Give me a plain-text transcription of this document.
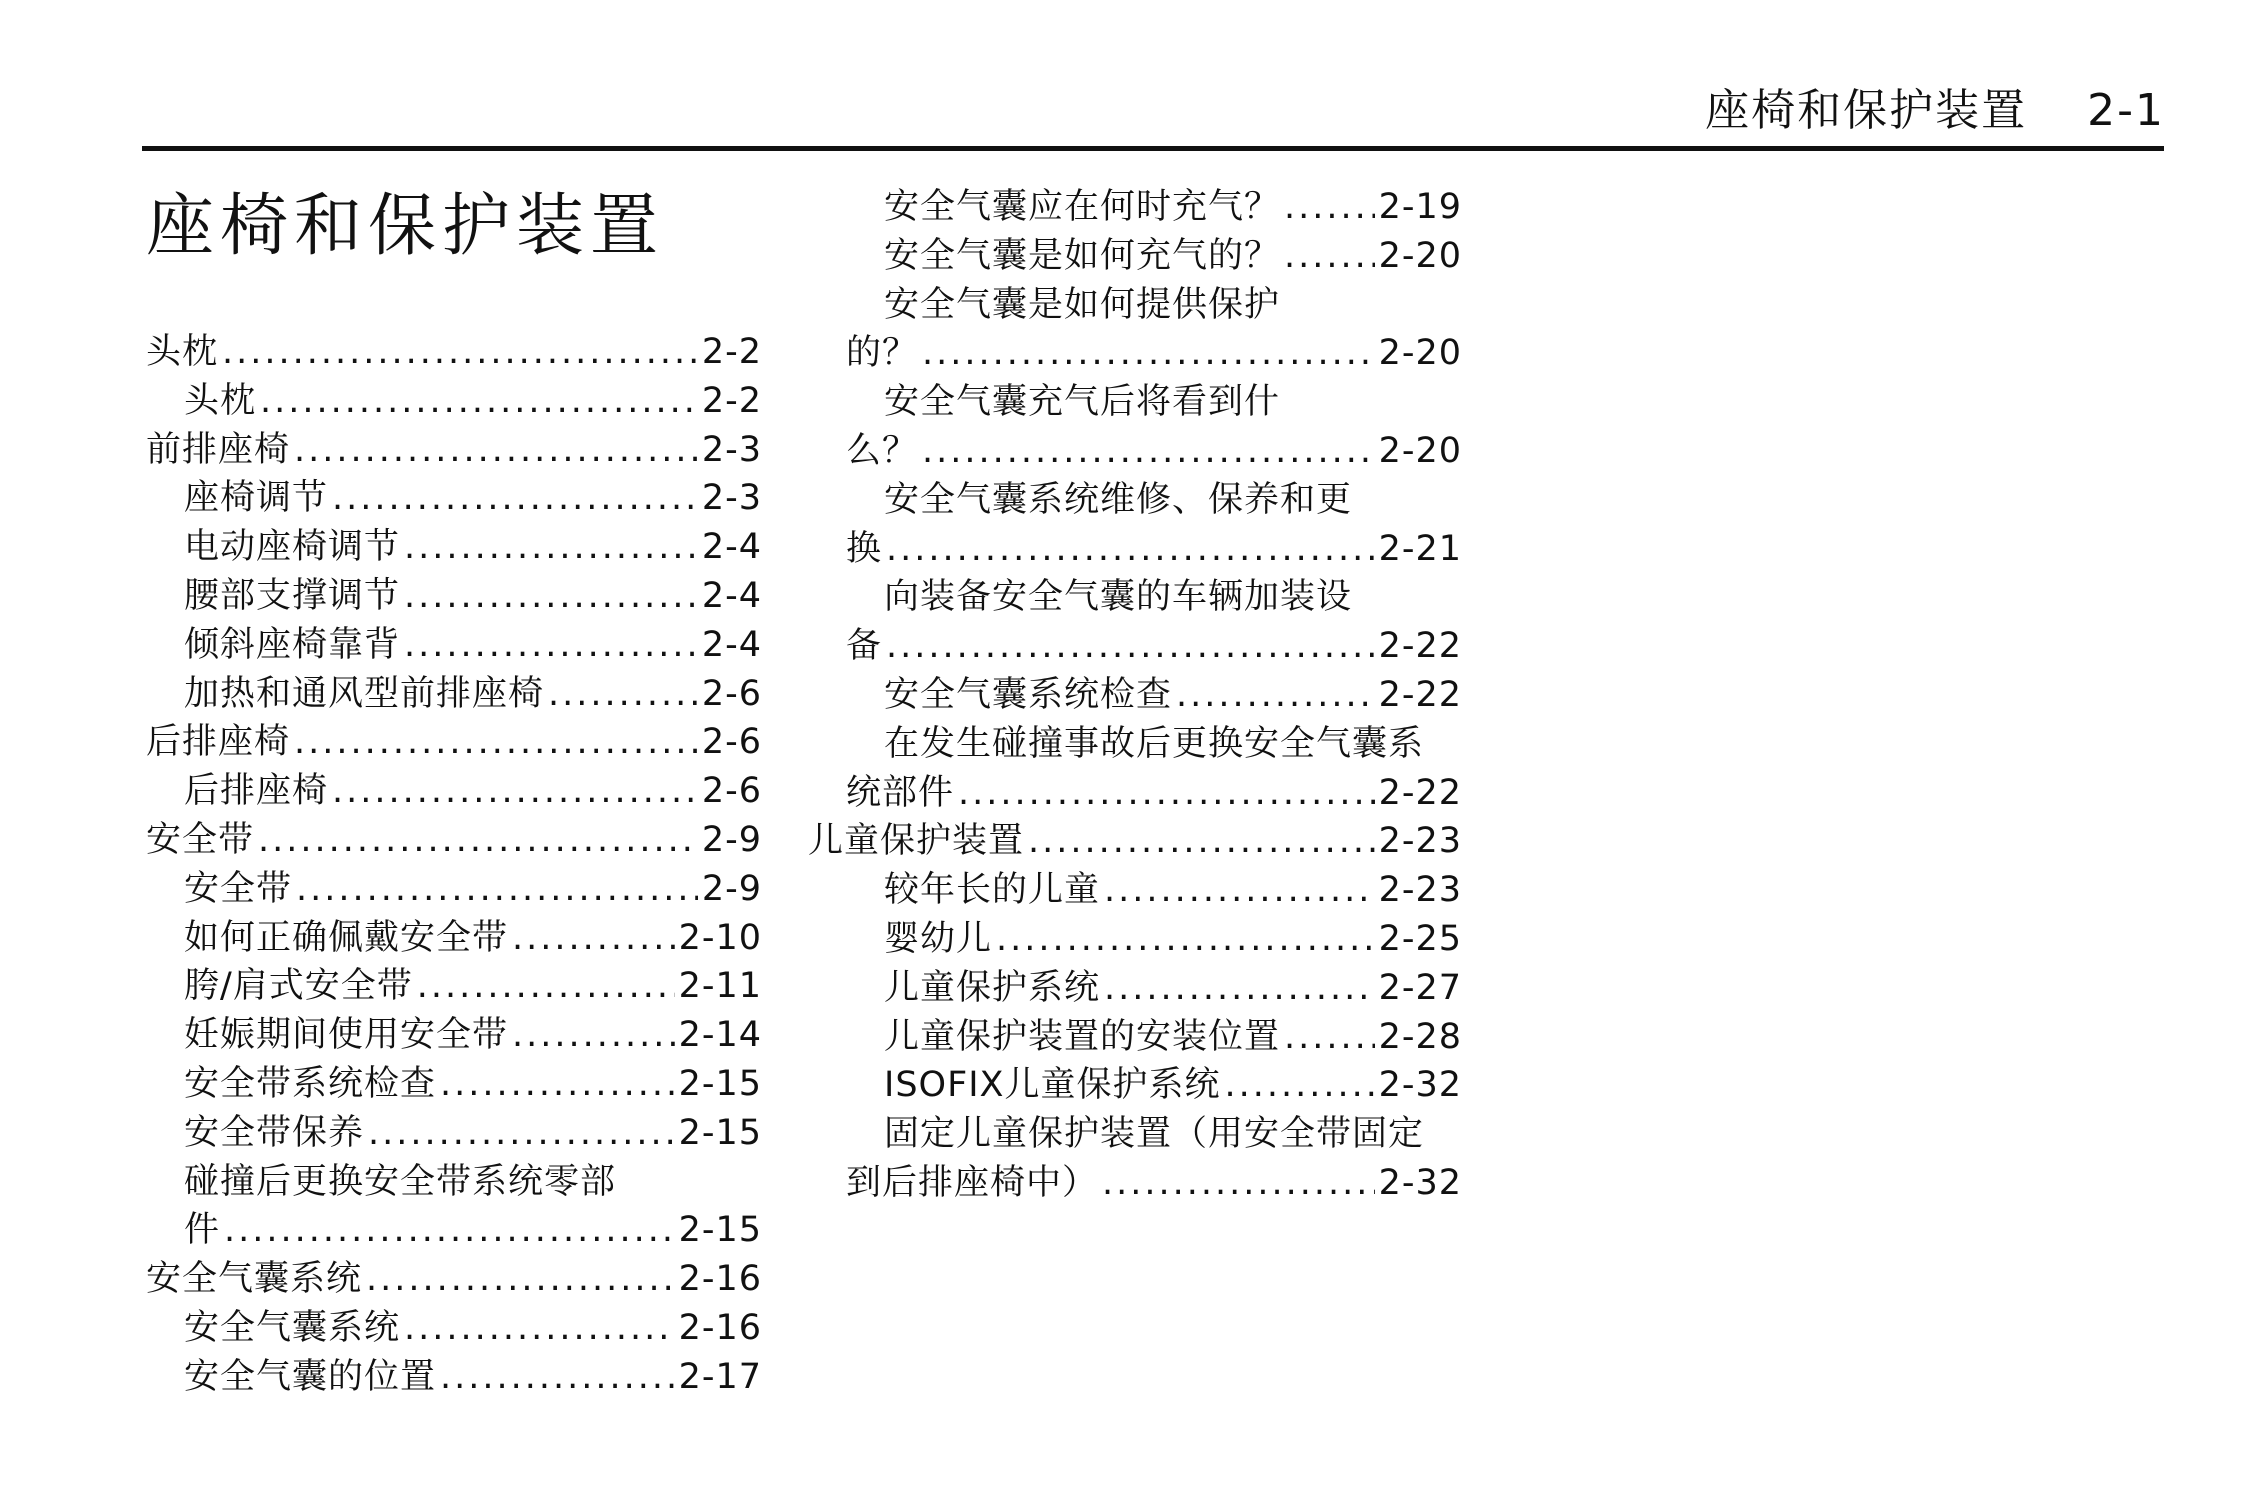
座椅和保护装置 2-1
座椅和保护装置
头枕 .....	2-2
头枕 .....	2-2
前排座椅 .....	2-3
座椅调节 .....	2-3
电动座椅调节 .....	2-4
腰部支撑调节 .....	2-4
倾斜座椅靠背 .....	2-4
加热和通风型前排座椅 .....	2-6
后排座椅 .....	2-6
后排座椅 .....	2-6
安全带 .....	2-9
安全带 .....	2-9
如何正确佩戴安全带 .....	2-10
胯/肩式安全带 .....	2-11
妊娠期间使用安全带 .....	2-14
安全带系统检查 .....	2-15
安全带保养 .....	2-15
碰撞后更换安全带系统零部
件 .....	2-15
安全气囊系统 .....	2-16
安全气囊系统 .....	2-16
安全气囊的位置 .....	2-17
安全气囊应在何时充气？ .....	2-19
安全气囊是如何充气的？ .....	2-20
安全气囊是如何提供保护
的？ .....	2-20
安全气囊充气后将看到什
么？ .....	2-20
安全气囊系统维修、保养和更
换 .....	2-21
向装备安全气囊的车辆加装设
备 .....	2-22
安全气囊系统检查 .....	2-22
在发生碰撞事故后更换安全气囊系
统部件 .....	2-22
儿童保护装置 .....	2-23
较年长的儿童 .....	2-23
婴幼儿 .....	2-25
儿童保护系统 .....	2-27
儿童保护装置的安装位置 .....	2-28
ISOFIX儿童保护系统 .....	2-32
固定儿童保护装置（用安全带固定
到后排座椅中） .....	2-32
